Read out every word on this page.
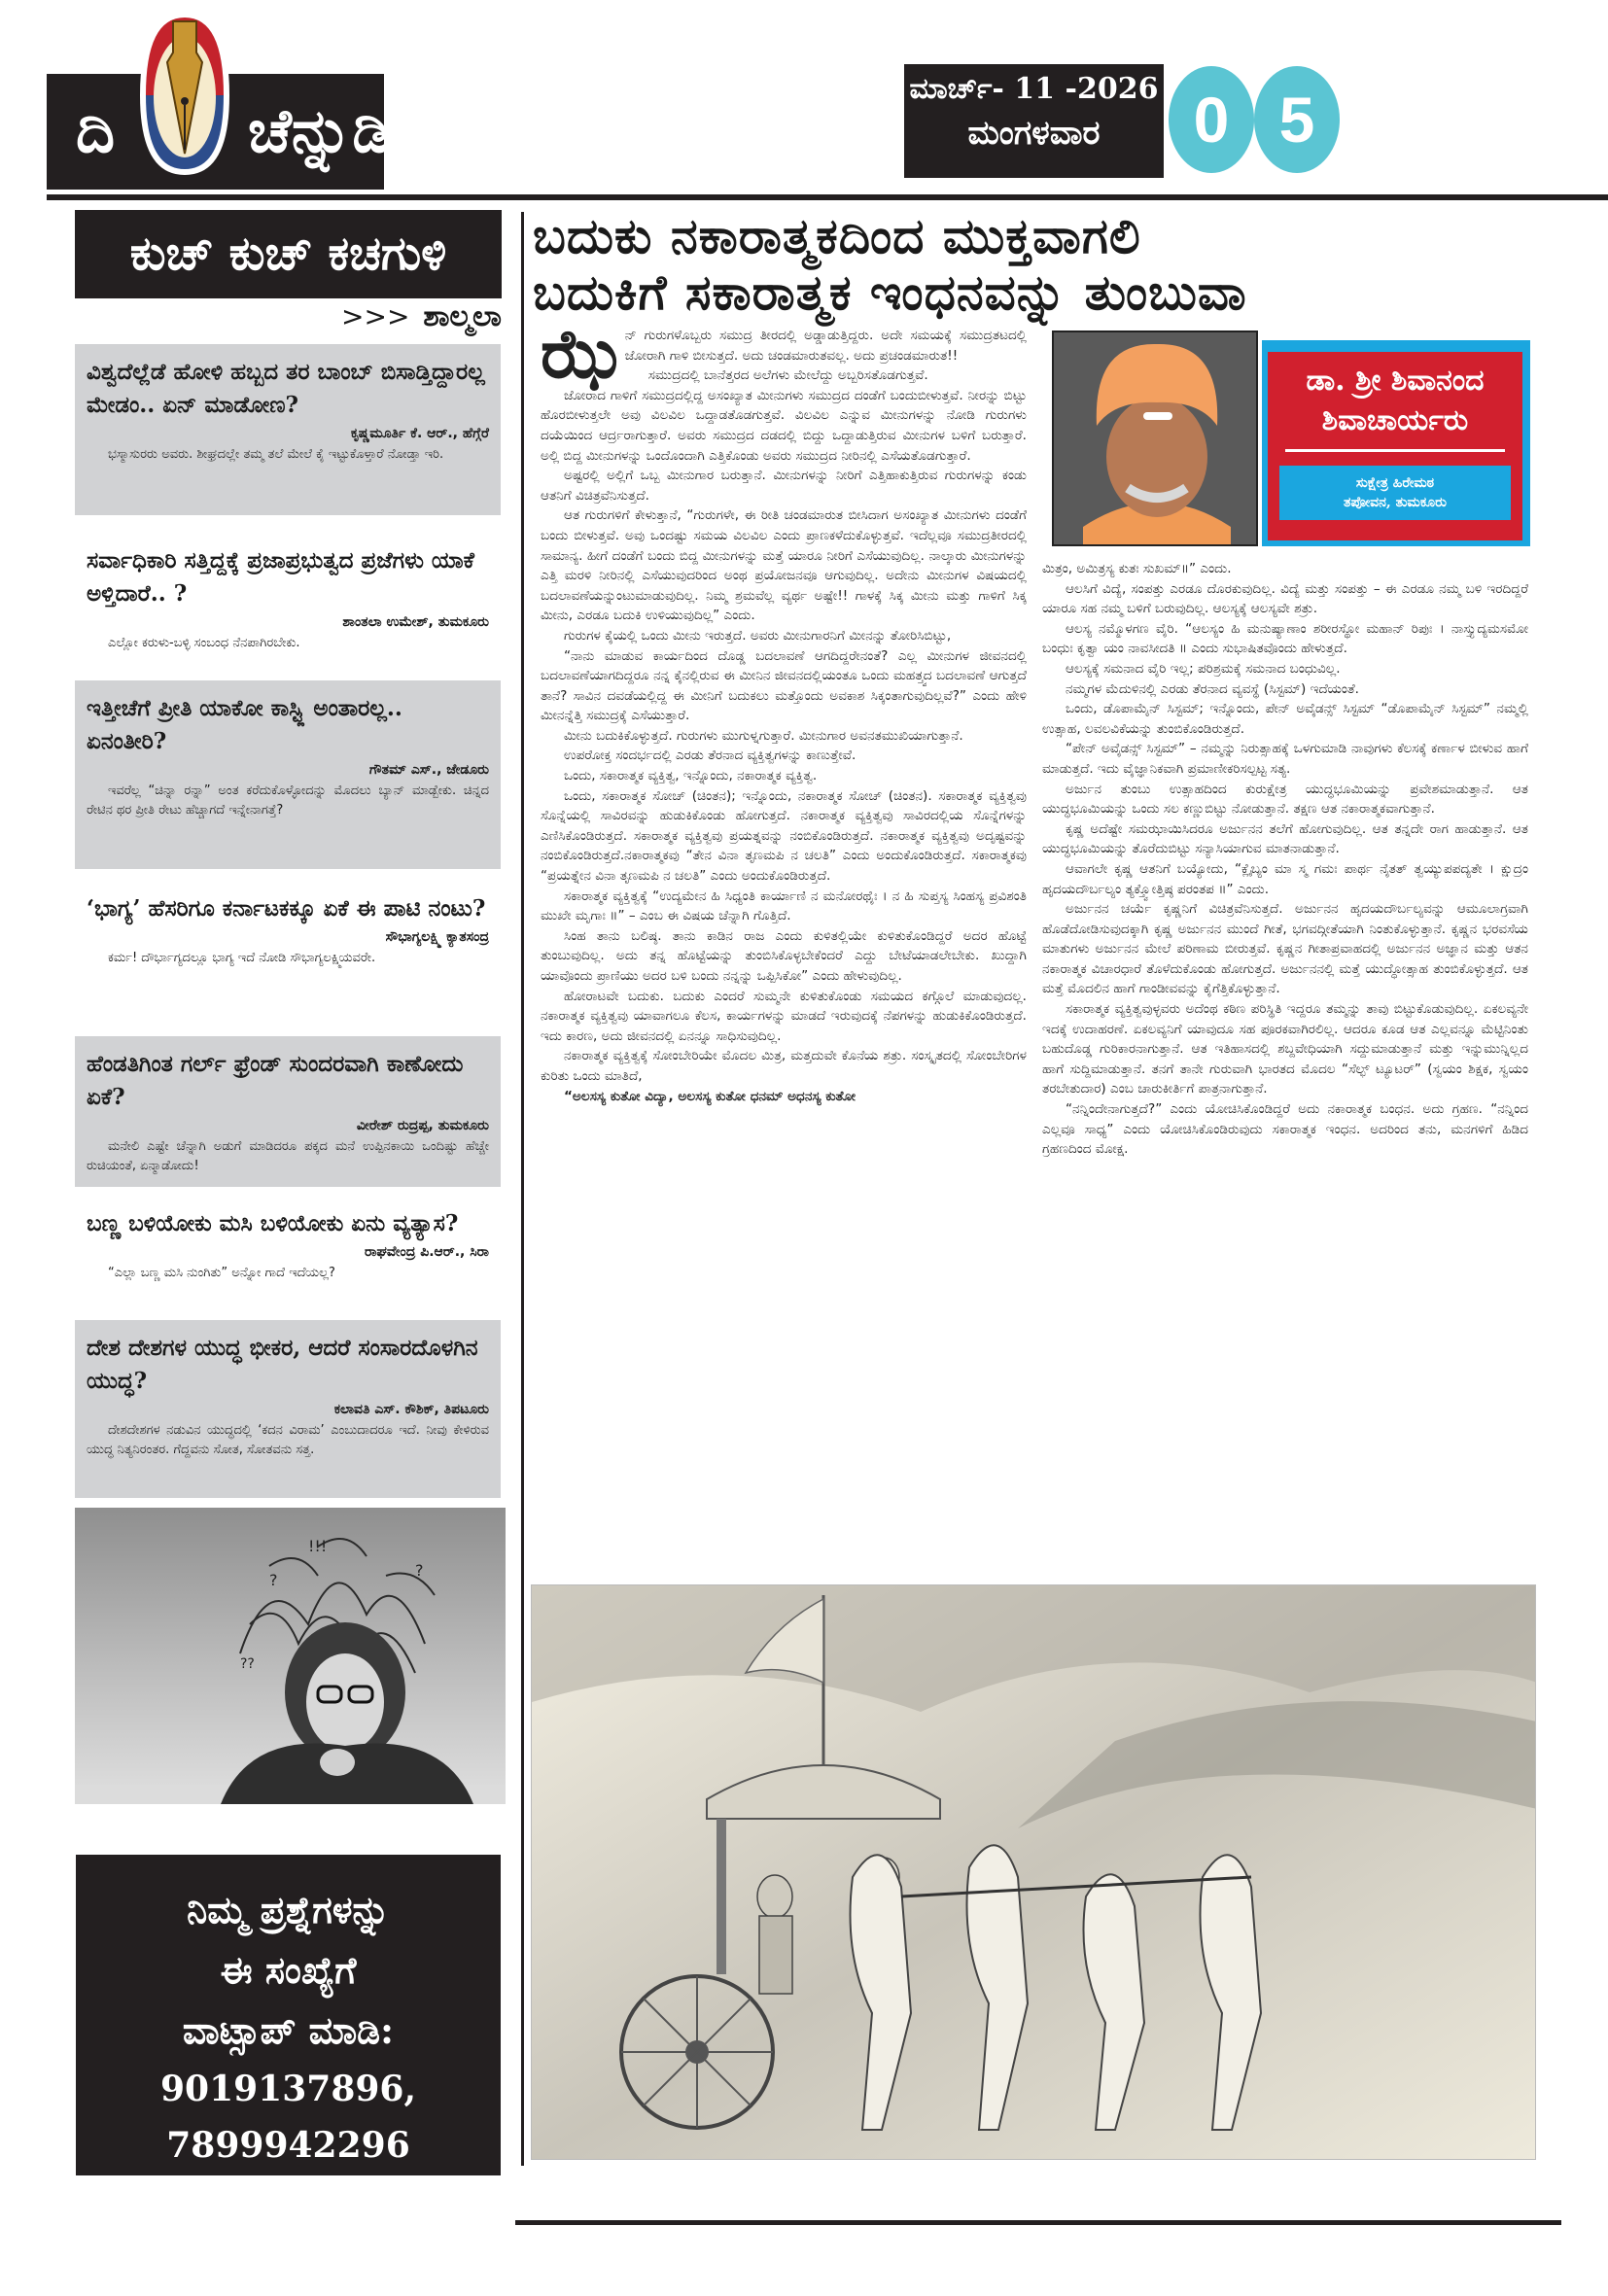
ದಿ ಚೆನ್ನುಡಿ
ಮಾರ್ಚ್- 11 -2026
ಮಂಗಳವಾರ	0 5
ಕುಚ್ ಕುಚ್ ಕಚಗುಳಿ
>>> ಶಾಲ್ಮಲಾ
ವಿಶ್ವದೆಲ್ಲೆಡೆ ಹೋಳಿ ಹಬ್ಬದ ತರ ಬಾಂಬ್ ಬಿಸಾಡ್ತಿದ್ದಾರಲ್ಲ ಮೇಡಂ.. ಏನ್ ಮಾಡೋಣ?
ಕೃಷ್ಣಮೂರ್ತಿ ಕೆ. ಆರ್., ಹೆಗ್ಗೆರೆ
ಭಸ್ಮಾಸುರರು ಅವರು. ಶೀಘ್ರದಲ್ಲೇ ತಮ್ಮ ತಲೆ ಮೇಲೆ ಕೈ ಇಟ್ಟುಕೊಳ್ತಾರೆ ನೋಡ್ತಾ ಇರಿ.
ಸರ್ವಾಧಿಕಾರಿ ಸತ್ತಿದ್ದಕ್ಕೆ ಪ್ರಜಾಪ್ರಭುತ್ವದ ಪ್ರಜೆಗಳು ಯಾಕೆ ಅಳ್ತಿದಾರೆ.. ?
ಶಾಂತಲಾ ಉಮೇಶ್, ತುಮಕೂರು
ಎಲ್ಲೋ ಕರುಳು-ಬಳ್ಳಿ ಸಂಬಂಧ ನೆನಪಾಗಿರಬೇಕು.
ಇತ್ತೀಚೆಗೆ ಪ್ರೀತಿ ಯಾಕೋ ಕಾಸ್ಟ್ಲಿ ಅಂತಾರಲ್ಲ.. ಏನಂತೀರಿ?
ಗೌತಮ್ ಎಸ್., ಜೇಡೂರು
ಇವರೆಲ್ಲ “ಚಿನ್ನಾ ರನ್ನಾ” ಅಂತ ಕರೆದುಕೊಳ್ಳೋದನ್ನು ಮೊದಲು ಬ್ಯಾನ್ ಮಾಡ್ಬೇಕು. ಚಿನ್ನದ ರೇಟಿನ ಥರ ಪ್ರೀತಿ ರೇಟು ಹೆಚ್ಚಾಗದೆ ಇನ್ನೇನಾಗತ್ತೆ?
‘ಭಾಗ್ಯ’ ಹೆಸರಿಗೂ ಕರ್ನಾಟಕಕ್ಕೂ ಏಕೆ ಈ ಪಾಟಿ ನಂಟು?
ಸೌಭಾಗ್ಯಲಕ್ಷ್ಮಿ ಕ್ಯಾತಸಂದ್ರ
ಕರ್ಮ! ದೌರ್ಭಾಗ್ಯದಲ್ಲೂ ಭಾಗ್ಯ ಇದೆ ನೋಡಿ ಸೌಭಾಗ್ಯಲಕ್ಷ್ಮಿಯವರೇ.
ಹೆಂಡತಿಗಿಂತ ಗರ್ಲ್ ಫ್ರೆಂಡ್ ಸುಂದರವಾಗಿ ಕಾಣೋದು ಏಕೆ?
ವೀರೇಶ್ ರುದ್ರಪ್ಪ, ತುಮಕೂರು
ಮನೇಲಿ ಎಷ್ಟೇ ಚೆನ್ನಾಗಿ ಅಡುಗೆ ಮಾಡಿದರೂ ಪಕ್ಕದ ಮನೆ ಉಪ್ಪಿನಕಾಯಿ ಒಂದಿಷ್ಟು ಹೆಚ್ಚೇ ರುಚಿಯಂತೆ, ಏನ್ಮಾಡೋದು!
ಬಣ್ಣ ಬಳಿಯೋಕು ಮಸಿ ಬಳಿಯೋಕು ಏನು ವ್ಯತ್ಯಾಸ?
ರಾಘವೇಂದ್ರ ಪಿ.ಆರ್., ಸಿರಾ
“ಎಲ್ಲಾ ಬಣ್ಣ ಮಸಿ ನುಂಗಿತು” ಅನ್ನೋ ಗಾದೆ ಇದೆಯಲ್ಲ?
ದೇಶ ದೇಶಗಳ ಯುದ್ಧ ಭೀಕರ, ಆದರೆ ಸಂಸಾರದೊಳಗಿನ ಯುದ್ಧ?
ಕಲಾವತಿ ಎಸ್. ಕೌಶಿಕ್, ತಿಪಟೂರು
ದೇಶದೇಶಗಳ ನಡುವಿನ ಯುದ್ಧದಲ್ಲಿ ‘ಕದನ ವಿರಾಮ’ ಎಂಬುದಾದರೂ ಇದೆ. ನೀವು ಕೇಳಿರುವ ಯುದ್ಧ ನಿತ್ಯನಿರಂತರ. ಗೆದ್ದವನು ಸೋತ, ಸೋತವನು ಸತ್ತ.
!!!
?
?
??
ನಿಮ್ಮ ಪ್ರಶ್ನೆಗಳನ್ನು
ಈ ಸಂಖ್ಯೆಗೆ
ವಾಟ್ಸಾಪ್ ಮಾಡಿ:
9019137896,
7899942296
ಬದುಕು ನಕಾರಾತ್ಮಕದಿಂದ ಮುಕ್ತವಾಗಲಿ
ಬದುಕಿಗೆ ಸಕಾರಾತ್ಮಕ ಇಂಧನವನ್ನು ತುಂಬುವಾ
ಡಾ. ಶ್ರೀ ಶಿವಾನಂದ
ಶಿವಾಚಾರ್ಯರು
ಸುಕ್ಷೇತ್ರ ಹಿರೇಮಠ
ತಪೋವನ, ತುಮಕೂರು

ಝೆನ್ ಗುರುಗಳೊಬ್ಬರು ಸಮುದ್ರ ತೀರದಲ್ಲಿ ಅಡ್ಡಾಡುತ್ತಿದ್ದರು. ಅದೇ ಸಮಯಕ್ಕೆ ಸಮುದ್ರತಟದಲ್ಲಿ ಜೋರಾಗಿ ಗಾಳಿ ಬೀಸುತ್ತದೆ. ಅದು ಚಂಡಮಾರುತವಲ್ಲ. ಅದು ಪ್ರಚಂಡಮಾರುತ!!

ಸಮುದ್ರದಲ್ಲಿ ಬಾನೆತ್ತರದ ಅಲೆಗಳು ಮೇಲೆದ್ದು ಅಬ್ಬರಿಸತೊಡಗುತ್ತವೆ.

ಜೋರಾದ ಗಾಳಿಗೆ ಸಮುದ್ರದಲ್ಲಿದ್ದ ಅಸಂಖ್ಯಾತ ಮೀನುಗಳು ಸಮುದ್ರದ ದಂಡೆಗೆ ಬಂದುಬೀಳುತ್ತವೆ. ನೀರನ್ನು ಬಿಟ್ಟು ಹೊರಬೀಳುತ್ತಲೇ ಅವು ವಿಲವಿಲ ಒದ್ದಾಡತೊಡಗುತ್ತವೆ. ವಿಲವಿಲ ಎನ್ನುವ ಮೀನುಗಳನ್ನು ನೋಡಿ ಗುರುಗಳು ದಯೆಯಿಂದ ಆರ್ದ್ರರಾಗುತ್ತಾರೆ. ಅವರು ಸಮುದ್ರದ ದಡದಲ್ಲಿ ಬಿದ್ದು ಒದ್ದಾಡುತ್ತಿರುವ ಮೀನುಗಳ ಬಳಿಗೆ ಬರುತ್ತಾರೆ. ಅಲ್ಲಿ ಬಿದ್ದ ಮೀನುಗಳನ್ನು ಒಂದೊಂದಾಗಿ ಎತ್ತಿಕೊಂಡು ಅವರು ಸಮುದ್ರದ ನೀರಿನಲ್ಲಿ ಎಸೆಯತೊಡಗುತ್ತಾರೆ.

ಅಷ್ಟರಲ್ಲಿ ಅಲ್ಲಿಗೆ ಒಬ್ಬ ಮೀನುಗಾರ ಬರುತ್ತಾನೆ. ಮೀನುಗಳನ್ನು ನೀರಿಗೆ ಎತ್ತಿಹಾಕುತ್ತಿರುವ ಗುರುಗಳನ್ನು ಕಂಡು ಆತನಿಗೆ ವಿಚಿತ್ರವೆನಿಸುತ್ತದೆ.

ಆತ ಗುರುಗಳಿಗೆ ಕೇಳುತ್ತಾನೆ, “ಗುರುಗಳೇ, ಈ ರೀತಿ ಚಂಡಮಾರುತ ಬೀಸಿದಾಗ ಅಸಂಖ್ಯಾತ ಮೀನುಗಳು ದಂಡೆಗೆ ಬಂದು ಬೀಳುತ್ತವೆ. ಅವು ಒಂದಷ್ಟು ಸಮಯ ವಿಲವಿಲ ಎಂದು ಪ್ರಾಣಕಳೆದುಕೊಳ್ಳುತ್ತವೆ. ಇದೆಲ್ಲವೂ ಸಮುದ್ರತೀರದಲ್ಲಿ ಸಾಮಾನ್ಯ. ಹೀಗೆ ದಂಡೆಗೆ ಬಂದು ಬಿದ್ದ ಮೀನುಗಳನ್ನು ಮತ್ತೆ ಯಾರೂ ನೀರಿಗೆ ಎಸೆಯುವುದಿಲ್ಲ. ನಾಲ್ಕಾರು ಮೀನುಗಳನ್ನು ಎತ್ತಿ ಮರಳಿ ನೀರಿನಲ್ಲಿ ಎಸೆಯುವುದರಿಂದ ಅಂಥ ಪ್ರಯೋಜನವೂ ಆಗುವುದಿಲ್ಲ. ಅದೇನು ಮೀನುಗಳ ವಿಷಯದಲ್ಲಿ ಬದಲಾವಣೆಯನ್ನುಂಟುಮಾಡುವುದಿಲ್ಲ. ನಿಮ್ಮ ಶ್ರಮವೆಲ್ಲ ವ್ಯರ್ಥ ಅಷ್ಟೇ!! ಗಾಳಕ್ಕೆ ಸಿಕ್ಕ ಮೀನು ಮತ್ತು ಗಾಳಿಗೆ ಸಿಕ್ಕ ಮೀನು, ಎರಡೂ ಬದುಕಿ ಉಳಿಯುವುದಿಲ್ಲ” ಎಂದು.

ಗುರುಗಳ ಕೈಯಲ್ಲಿ ಒಂದು ಮೀನು ಇರುತ್ತದೆ. ಅವರು ಮೀನುಗಾರನಿಗೆ ಮೀನನ್ನು ತೋರಿಸಿಬಿಟ್ಟು,

“ನಾನು ಮಾಡುವ ಕಾರ್ಯದಿಂದ ದೊಡ್ಡ ಬದಲಾವಣೆ ಆಗದಿದ್ದರೇನಂತೆ? ಎಲ್ಲ ಮೀನುಗಳ ಜೀವನದಲ್ಲಿ ಬದಲಾವಣೆಯಾಗದಿದ್ದರೂ ನನ್ನ ಕೈನಲ್ಲಿರುವ ಈ ಮೀನಿನ ಜೀವನದಲ್ಲಿಯಂತೂ ಒಂದು ಮಹತ್ತ್ವದ ಬದಲಾವಣೆ ಆಗುತ್ತದೆ ತಾನೆ? ಸಾವಿನ ದವಡೆಯಲ್ಲಿದ್ದ ಈ ಮೀನಿಗೆ ಬದುಕಲು ಮತ್ತೊಂದು ಅವಕಾಶ ಸಿಕ್ಕಂತಾಗುವುದಿಲ್ಲವೆ?” ಎಂದು ಹೇಳಿ ಮೀನನ್ನೆತ್ತಿ ಸಮುದ್ರಕ್ಕೆ ಎಸೆಯುತ್ತಾರೆ.

ಮೀನು ಬದುಕಿಕೊಳ್ಳುತ್ತದೆ. ಗುರುಗಳು ಮುಗುಳ್ನಗುತ್ತಾರೆ. ಮೀನುಗಾರ ಅವನತಮುಖಿಯಾಗುತ್ತಾನೆ.

ಉಪರೋಕ್ತ ಸಂದರ್ಭದಲ್ಲಿ ಎರಡು ತೆರನಾದ ವ್ಯಕ್ತಿತ್ವಗಳನ್ನು ಕಾಣುತ್ತೇವೆ.

ಒಂದು, ಸಕಾರಾತ್ಮಕ ವ್ಯಕ್ತಿತ್ವ, ಇನ್ನೊಂದು, ನಕಾರಾತ್ಮಕ ವ್ಯಕ್ತಿತ್ವ.

ಒಂದು, ಸಕಾರಾತ್ಮಕ ಸೋಚ್ (ಚಿಂತನ); ಇನ್ನೊಂದು, ನಕಾರಾತ್ಮಕ ಸೋಚ್ (ಚಿಂತನ). ಸಕಾರಾತ್ಮಕ ವ್ಯಕ್ತಿತ್ವವು ಸೊನ್ನೆಯಲ್ಲಿ ಸಾವಿರವನ್ನು ಹುಡುಕಿಕೊಂಡು ಹೋಗುತ್ತದೆ. ನಕಾರಾತ್ಮಕ ವ್ಯಕ್ತಿತ್ವವು ಸಾವಿರದಲ್ಲಿಯ ಸೊನ್ನೆಗಳನ್ನು ಎಣಿಸಿಕೊಂಡಿರುತ್ತದೆ. ಸಕಾರಾತ್ಮಕ ವ್ಯಕ್ತಿತ್ವವು ಪ್ರಯತ್ನವನ್ನು ನಂಬಿಕೊಂಡಿರುತ್ತದೆ. ನಕಾರಾತ್ಮಕ ವ್ಯಕ್ತಿತ್ವವು ಅದೃಷ್ಟವನ್ನು ನಂಬಿಕೊಂಡಿರುತ್ತದೆ.ನಕಾರಾತ್ಮಕವು “ತೇನ ವಿನಾ ತೃಣಮಪಿ ನ ಚಲತಿ” ಎಂದು ಅಂದುಕೊಂಡಿರುತ್ತದೆ. ಸಕಾರಾತ್ಮಕವು “ಪ್ರಯತ್ನೇನ ವಿನಾ ತೃಣಮಪಿ ನ ಚಲತಿ” ಎಂದು ಅಂದುಕೊಂಡಿರುತ್ತದೆ.

ಸಕಾರಾತ್ಮಕ ವ್ಯಕ್ತಿತ್ವಕ್ಕೆ “ಉದ್ಯಮೇನ ಹಿ ಸಿಧ್ಯಂತಿ ಕಾರ್ಯಾಣಿ ನ ಮನೋರಥೈಃ । ನ ಹಿ ಸುಪ್ತಸ್ಯ ಸಿಂಹಸ್ಯ ಪ್ರವಿಶಂತಿ ಮುಖೇ ಮೃಗಾಃ ॥” – ಎಂಬ ಈ ವಿಷಯ ಚೆನ್ನಾಗಿ ಗೊತ್ತಿದೆ.

ಸಿಂಹ ತಾನು ಬಲಿಷ್ಠ. ತಾನು ಕಾಡಿನ ರಾಜ ಎಂದು ಕುಳಿತಲ್ಲಿಯೇ ಕುಳಿತುಕೊಂಡಿದ್ದರೆ ಅದರ ಹೊಟ್ಟೆ ತುಂಬುವುದಿಲ್ಲ. ಅದು ತನ್ನ ಹೊಟ್ಟೆಯನ್ನು ತುಂಬಿಸಿಕೊಳ್ಳಬೇಕೆಂದರೆ ಎದ್ದು ಬೇಟೆಯಾಡಲೇಬೇಕು. ಖುದ್ದಾಗಿ ಯಾವೊಂದು ಪ್ರಾಣಿಯು ಅದರ ಬಳಿ ಬಂದು ನನ್ನನ್ನು ಒಪ್ಪಿಸಿಕೋ” ಎಂದು ಹೇಳುವುದಿಲ್ಲ.

ಹೋರಾಟವೇ ಬದುಕು. ಬದುಕು ಎಂದರೆ ಸುಮ್ಮನೇ ಕುಳಿತುಕೊಂಡು ಸಮಯದ ಕಗ್ಗೊಲೆ ಮಾಡುವುದಲ್ಲ. ನಕಾರಾತ್ಮಕ ವ್ಯಕ್ತಿತ್ವವು ಯಾವಾಗಲೂ ಕೆಲಸ, ಕಾರ್ಯಗಳನ್ನು ಮಾಡದೆ ಇರುವುದಕ್ಕೆ ನೆಪಗಳನ್ನು ಹುಡುಕಿಕೊಂಡಿರುತ್ತದೆ. ಇದು ಕಾರಣ, ಅದು ಜೀವನದಲ್ಲಿ ಏನನ್ನೂ ಸಾಧಿಸುವುದಿಲ್ಲ.

ನಕಾರಾತ್ಮಕ ವ್ಯಕ್ತಿತ್ವಕ್ಕೆ ಸೋಂಬೇರಿಯೇ ಮೊದಲ ಮಿತ್ರ, ಮತ್ತದುವೇ ಕೊನೆಯ ಶತ್ರು. ಸಂಸ್ಕೃತದಲ್ಲಿ ಸೋಂಬೇರಿಗಳ ಕುರಿತು ಒಂದು ಮಾತಿದೆ,

“ಅಲಸಸ್ಯ ಕುತೋ ವಿದ್ಯಾ, ಅಲಸಸ್ಯ ಕುತೋ ಧನಮ್ ಅಧನಸ್ಯ ಕುತೋ

ಮಿತ್ರಂ, ಅಮಿತ್ರಸ್ಯ ಕುತಃ ಸುಖಮ್॥” ಎಂದು.

ಆಲಸಿಗೆ ವಿದ್ಯೆ, ಸಂಪತ್ತು ಎರಡೂ ದೊರಕುವುದಿಲ್ಲ. ವಿದ್ಯೆ ಮತ್ತು ಸಂಪತ್ತು – ಈ ಎರಡೂ ನಮ್ಮ ಬಳಿ ಇರದಿದ್ದರೆ ಯಾರೂ ಸಹ ನಮ್ಮ ಬಳಿಗೆ ಬರುವುದಿಲ್ಲ. ಆಲಸ್ಯಕ್ಕೆ ಆಲಸ್ಯವೇ ಶತ್ರು.

ಆಲಸ್ಯ ನಮ್ಮೊಳಗಣ ವೈರಿ. “ಆಲಸ್ಯಂ ಹಿ ಮನುಷ್ಯಾಣಾಂ ಶರೀರಸ್ಥೋ ಮಹಾನ್ ರಿಪುಃ । ನಾಸ್ತ್ಯುದ್ಯಮಸಮೋ ಬಂಧುಃ ಕೃತ್ವಾ ಯಂ ನಾವಸೀದತಿ ॥ ಎಂದು ಸುಭಾಷಿತವೊಂದು ಹೇಳುತ್ತದೆ.

ಆಲಸ್ಯಕ್ಕೆ ಸಮನಾದ ವೈರಿ ಇಲ್ಲ; ಪರಿಶ್ರಮಕ್ಕೆ ಸಮನಾದ ಬಂಧುವಿಲ್ಲ.

ನಮ್ಮಗಳ ಮೆದುಳಿನಲ್ಲಿ ಎರಡು ತೆರನಾದ ವ್ಯವಸ್ಥೆ (ಸಿಸ್ಟಮ್) ಇದೆಯಂತೆ.

ಒಂದು, ಡೊಪಾಮೈನ್ ಸಿಸ್ಟಮ್; ಇನ್ನೊಂದು, ಪೇನ್ ಅವೈಡನ್ಸ್ ಸಿಸ್ಟಮ್ “ಡೊಪಾಮೈನ್ ಸಿಸ್ಟಮ್” ನಮ್ಮಲ್ಲಿ ಉತ್ಸಾಹ, ಲವಲವಿಕೆಯನ್ನು ತುಂಬಿಕೊಂಡಿರುತ್ತದೆ.

“ಪೇನ್ ಅವೈಡನ್ಸ್ ಸಿಸ್ಟಮ್” – ನಮ್ಮನ್ನು ನಿರುತ್ಸಾಹಕ್ಕೆ ಒಳಗುಮಾಡಿ ನಾವುಗಳು ಕೆಲಸಕ್ಕೆ ಕರ್ಣಾಳ ಬೀಳುವ ಹಾಗೆ ಮಾಡುತ್ತದೆ. ಇದು ವೈಜ್ಞಾನಿಕವಾಗಿ ಪ್ರಮಾಣೀಕರಿಸಲ್ಪಟ್ಟ ಸತ್ಯ.

ಅರ್ಜುನ ತುಂಬು ಉತ್ಸಾಹದಿಂದ ಕುರುಕ್ಷೇತ್ರ ಯುದ್ಧಭೂಮಿಯನ್ನು ಪ್ರವೇಶಮಾಡುತ್ತಾನೆ. ಆತ ಯುದ್ಧಭೂಮಿಯನ್ನು ಒಂದು ಸಲ ಕಣ್ಣುಬಿಟ್ಟು ನೋಡುತ್ತಾನೆ. ತಕ್ಷಣ ಆತ ನಕಾರಾತ್ಮಕವಾಗುತ್ತಾನೆ.

ಕೃಷ್ಣ ಅದೆಷ್ಟೇ ಸಮಝಾಯಿಸಿದರೂ ಅರ್ಜುನನ ತಲೆಗೆ ಹೋಗುವುದಿಲ್ಲ. ಆತ ತನ್ನದೇ ರಾಗ ಹಾಡುತ್ತಾನೆ. ಆತ ಯುದ್ಧಭೂಮಿಯನ್ನು ತೊರೆದುಬಿಟ್ಟು ಸನ್ಯಾಸಿಯಾಗುವ ಮಾತನಾಡುತ್ತಾನೆ.

ಆವಾಗಲೇ ಕೃಷ್ಣ ಆತನಿಗೆ ಬಯ್ಯೋದು, “ಕ್ಲೈಬ್ಯಂ ಮಾ ಸ್ಮ ಗಮಃ ಪಾರ್ಥ ನೈತತ್ ತ್ವಯ್ಯುಪಪದ್ಯತೇ । ಕ್ಷುದ್ರಂ ಹೃದಯದೌರ್ಬಲ್ಯಂ ತ್ಯಕ್ತ್ವೋತ್ತಿಷ್ಠ ಪರಂತಪ ॥” ಎಂದು.

ಅರ್ಜುನನ ಚರ್ಯೆ ಕೃಷ್ಣನಿಗೆ ವಿಚಿತ್ರವೆನಿಸುತ್ತದೆ. ಅರ್ಜುನನ ಹೃದಯದೌರ್ಬಲ್ಯವನ್ನು ಆಮೂಲಾಗ್ರವಾಗಿ ಹೊಡೆದೋಡಿಸುವುದಕ್ಕಾಗಿ ಕೃಷ್ಣ ಅರ್ಜುನನ ಮುಂದೆ ಗೀತೆ, ಭಗವದ್ಗೀತೆಯಾಗಿ ನಿಂತುಕೊಳ್ಳುತ್ತಾನೆ. ಕೃಷ್ಣನ ಭರವಸೆಯ ಮಾತುಗಳು ಅರ್ಜುನನ ಮೇಲೆ ಪರಿಣಾಮ ಬೀರುತ್ತವೆ. ಕೃಷ್ಣನ ಗೀತಾಪ್ರವಾಹದಲ್ಲಿ ಅರ್ಜುನನ ಅಜ್ಞಾನ ಮತ್ತು ಆತನ ನಕಾರಾತ್ಮಕ ವಿಚಾರಧಾರೆ ತೊಳೆದುಕೊಂಡು ಹೋಗುತ್ತದೆ. ಅರ್ಜುನನಲ್ಲಿ ಮತ್ತೆ ಯುದ್ಧೋತ್ಸಾಹ ತುಂಬಿಕೊಳ್ಳುತ್ತದೆ. ಆತ ಮತ್ತೆ ಮೊದಲಿನ ಹಾಗೆ ಗಾಂಡೀವವನ್ನು ಕೈಗೆತ್ತಿಕೊಳ್ಳುತ್ತಾನೆ.

ಸಕಾರಾತ್ಮಕ ವ್ಯಕ್ತಿತ್ವವುಳ್ಳವರು ಅದೆಂಥ ಕಠಿಣ ಪರಿಸ್ಥಿತಿ ಇದ್ದರೂ ತಮ್ಮನ್ನು ತಾವು ಬಿಟ್ಟುಕೊಡುವುದಿಲ್ಲ. ಏಕಲವ್ಯನೇ ಇದಕ್ಕೆ ಉದಾಹರಣೆ. ಏಕಲವ್ಯನಿಗೆ ಯಾವುದೂ ಸಹ ಪೂರಕವಾಗಿರಲಿಲ್ಲ. ಆದರೂ ಕೂಡ ಆತ ಎಲ್ಲವನ್ನೂ ಮೆಟ್ಟಿನಿಂತು ಬಹುದೊಡ್ಡ ಗುರಿಕಾರನಾಗುತ್ತಾನೆ. ಆತ ಇತಿಹಾಸದಲ್ಲಿ ಶಬ್ದವೇಧಿಯಾಗಿ ಸದ್ದುಮಾಡುತ್ತಾನೆ ಮತ್ತು ಇನ್ನುಮುನ್ನಿಲ್ಲದ ಹಾಗೆ ಸುದ್ದಿಮಾಡುತ್ತಾನೆ. ತನಗೆ ತಾನೇ ಗುರುವಾಗಿ ಭಾರತದ ಮೊದಲ “ಸೆಲ್ಫ್ ಟ್ಯೂಟರ್” (ಸ್ವಯಂ ಶಿಕ್ಷಕ, ಸ್ವಯಂ ತರಬೇತುದಾರ) ಎಂಬ ಚಾರುಕೀರ್ತಿಗೆ ಪಾತ್ರನಾಗುತ್ತಾನೆ.

“ನನ್ನಿಂದೇನಾಗುತ್ತದೆ?” ಎಂದು ಯೋಚಿಸಿಕೊಂಡಿದ್ದರೆ ಅದು ನಕಾರಾತ್ಮಕ ಬಂಧನ. ಅದು ಗ್ರಹಣ. “ನನ್ನಿಂದ ಎಲ್ಲವೂ ಸಾಧ್ಯ” ಎಂದು ಯೋಚಿಸಿಕೊಂಡಿರುವುದು ಸಕಾರಾತ್ಮಕ ಇಂಧನ. ಅದರಿಂದ ತನು, ಮನಗಳಿಗೆ ಹಿಡಿದ ಗ್ರಹಣದಿಂದ ಮೋಕ್ಷ.
